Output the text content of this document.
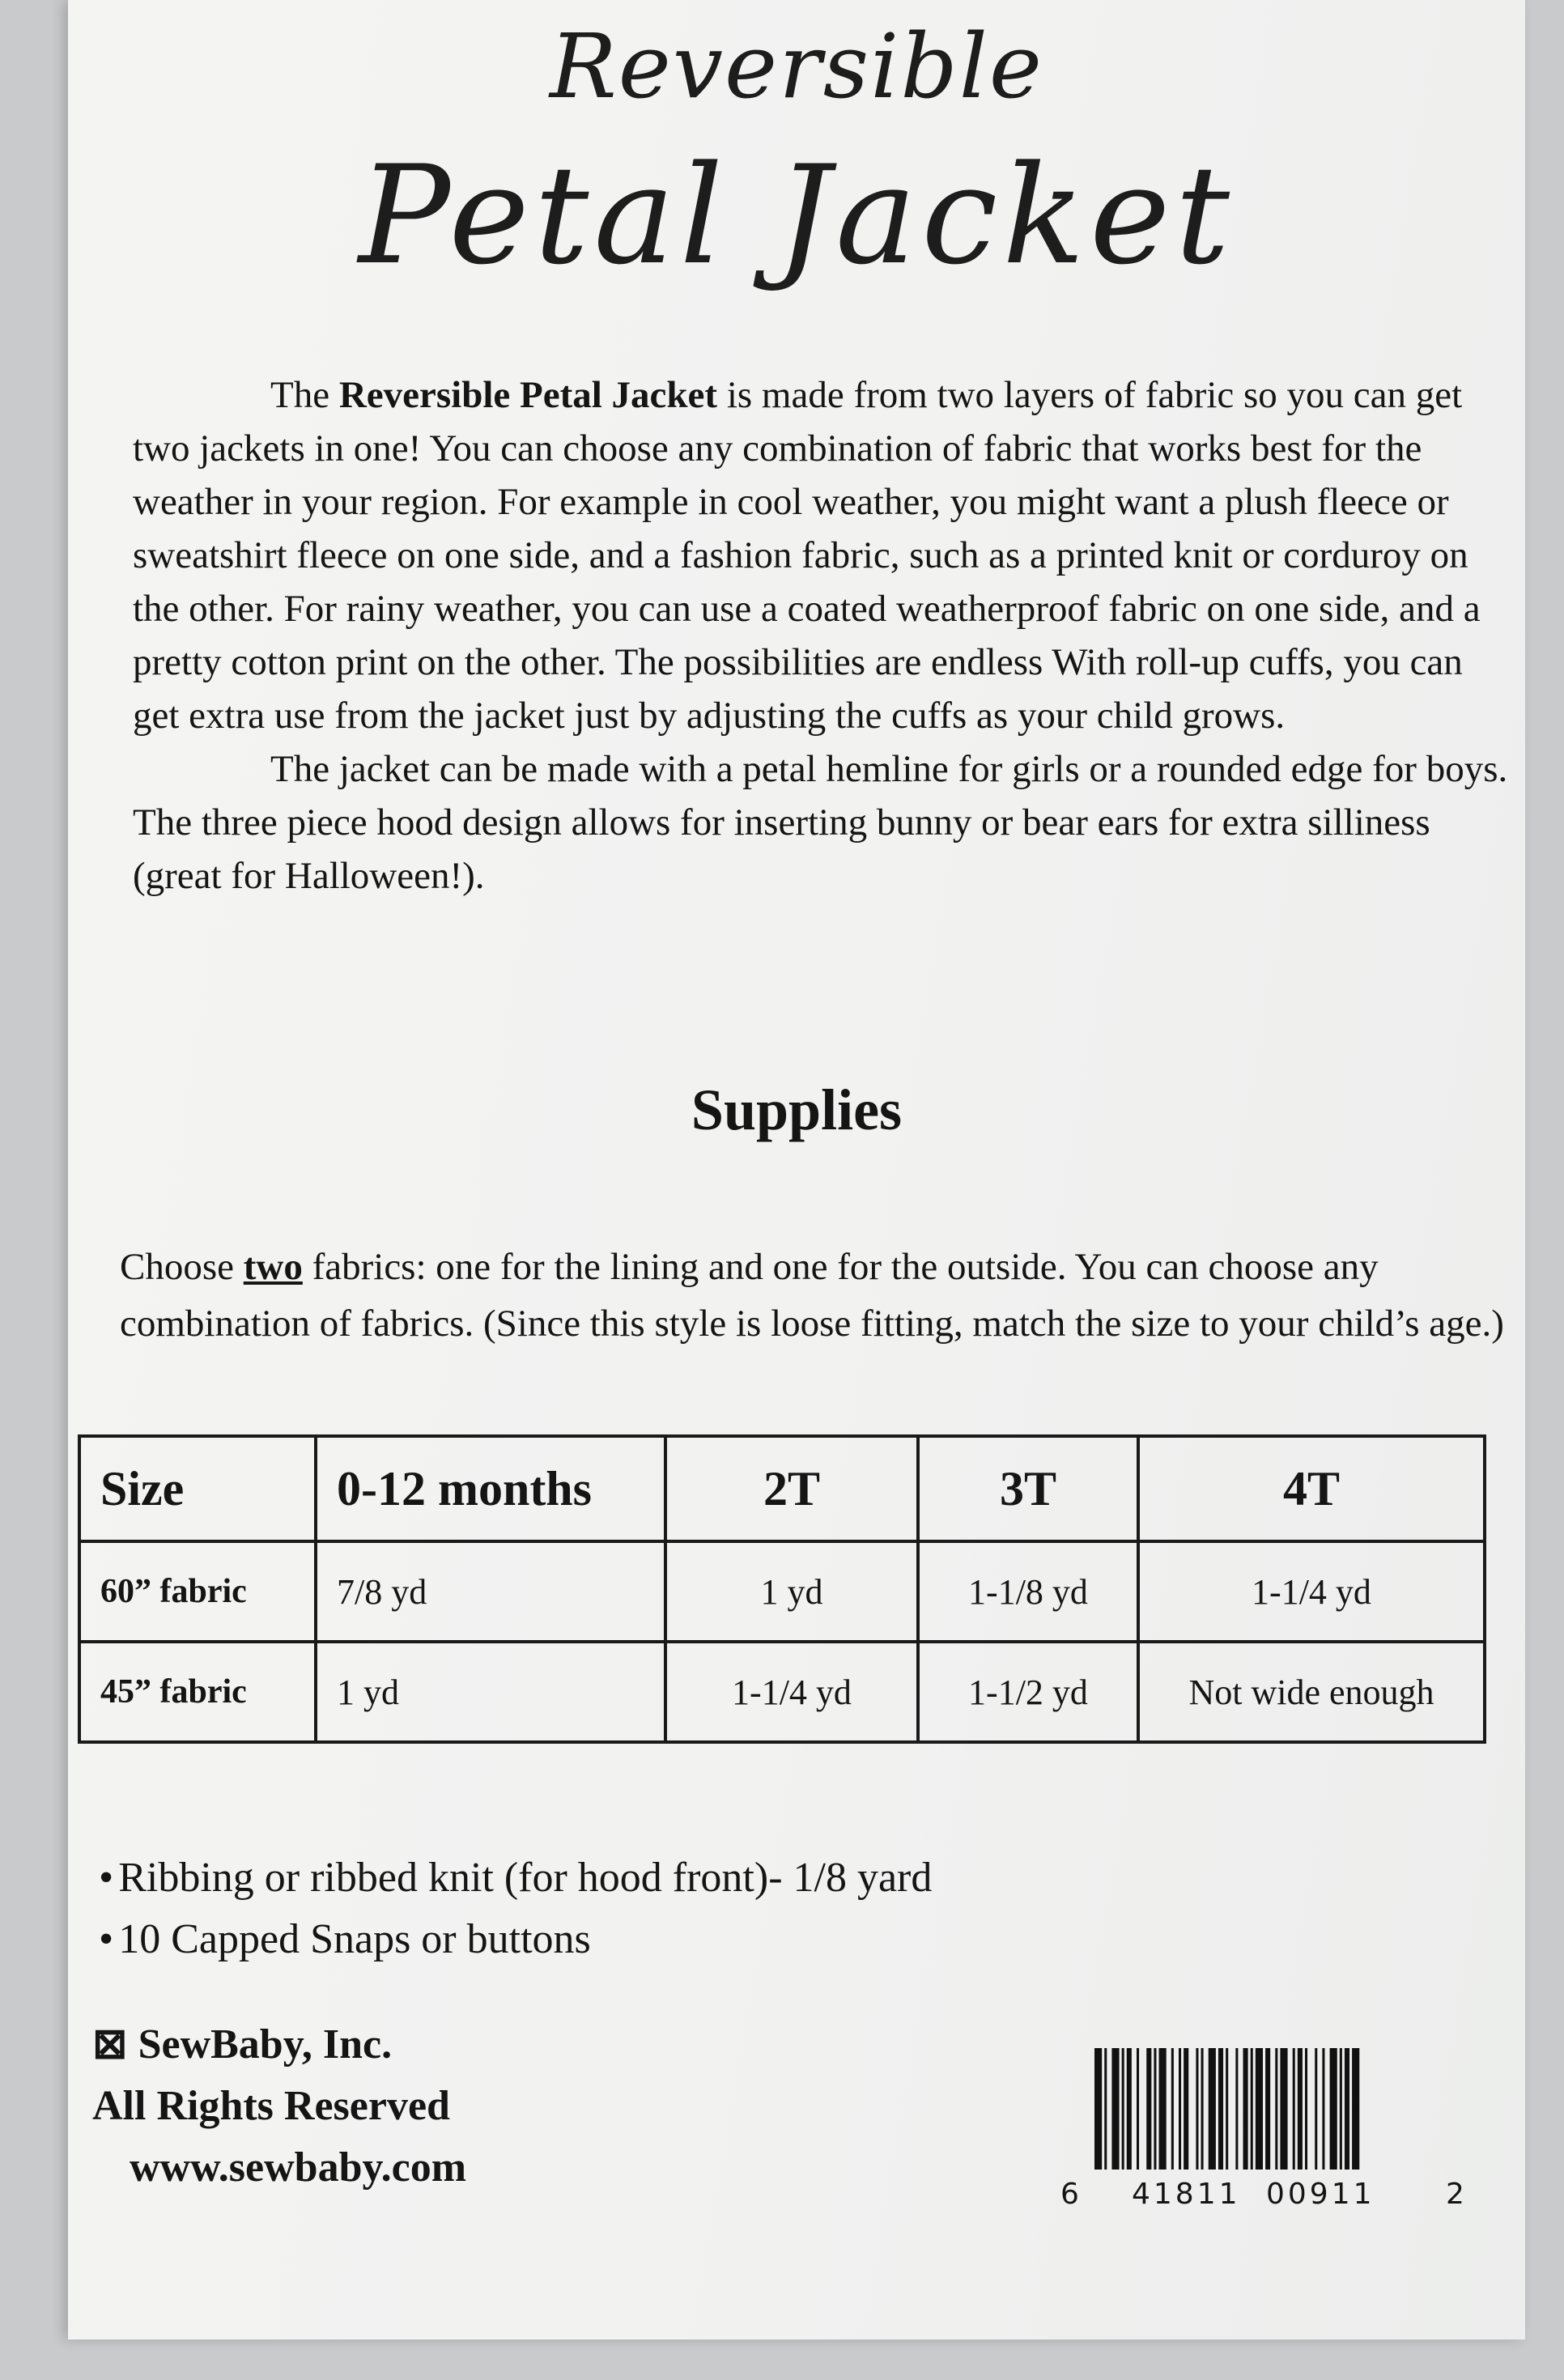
Reversible
Petal Jacket

The Reversible Petal Jacket is made from two layers of fabric so you can get two jackets in one! You can choose any combination of fabric that works best for the weather in your region. For example in cool weather, you might want a plush fleece or sweatshirt fleece on one side, and a fashion fabric, such as a printed knit or corduroy on the other. For rainy weather, you can use a coated weatherproof fabric on one side, and a pretty cotton print on the other. The possibilities are endless With roll-up cuffs, you can get extra use from the jacket just by adjusting the cuffs as your child grows.

The jacket can be made with a petal hemline for girls or a rounded edge for boys. The three piece hood design allows for inserting bunny or bear ears for extra silliness (great for Halloween!).

Supplies

Choose two fabrics: one for the lining and one for the outside. You can choose any combination of fabrics. (Since this style is loose fitting, match the size to your child’s age.)

Size	0-12 months	2T	3T	4T
60” fabric	7/8 yd	1 yd	1-1/8 yd	1-1/4 yd
45” fabric	1 yd	1-1/4 yd	1-1/2 yd	Not wide enough
• Ribbing or ribbed knit (for hood front)- 1/8 yard
• 10 Capped Snaps or buttons
⊠ SewBaby, Inc.
All Rights Reserved
www.sewbaby.com
6 41811 00911 2
